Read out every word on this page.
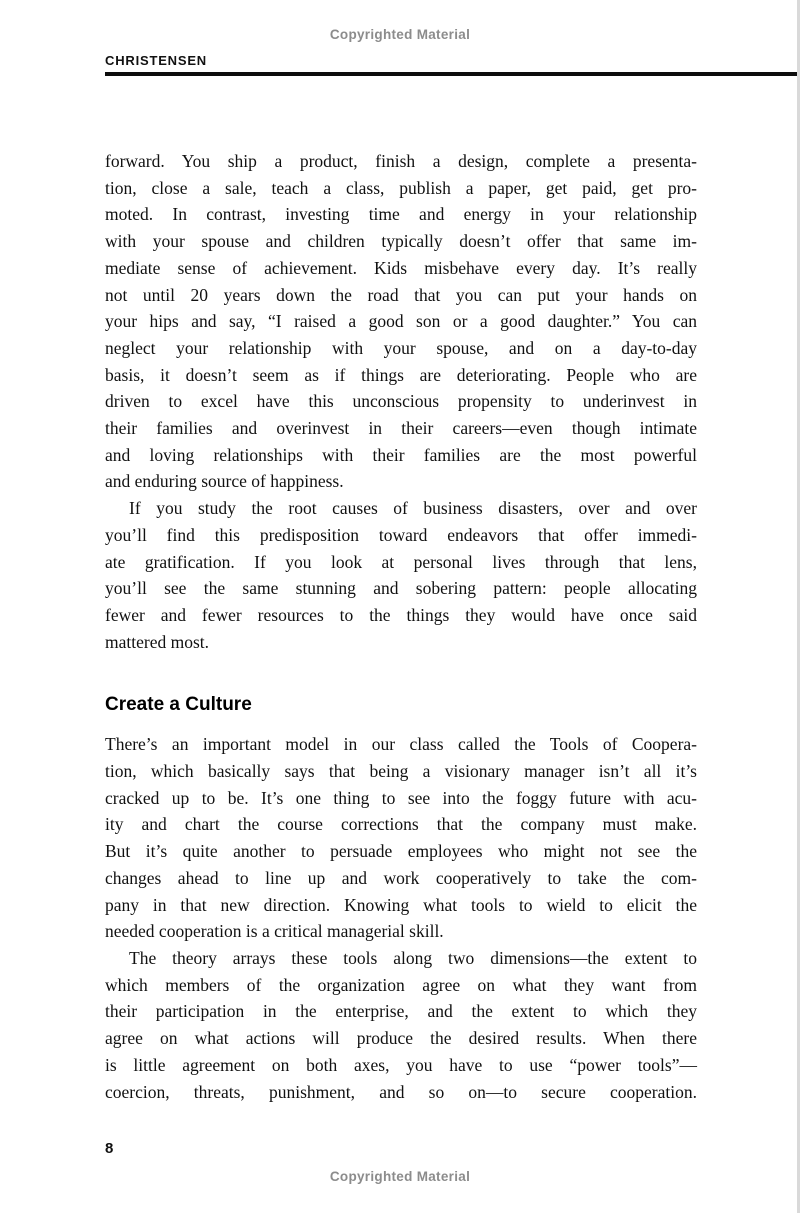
Copyrighted Material
CHRISTENSEN
forward. You ship a product, finish a design, complete a presenta-
tion, close a sale, teach a class, publish a paper, get paid, get pro-
moted. In contrast, investing time and energy in your relationship
with your spouse and children typically doesn’t offer that same im-
mediate sense of achievement. Kids misbehave every day. It’s really
not until 20 years down the road that you can put your hands on
your hips and say, “I raised a good son or a good daughter.” You can
neglect your relationship with your spouse, and on a day-to-day
basis, it doesn’t seem as if things are deteriorating. People who are
driven to excel have this unconscious propensity to underinvest in
their families and overinvest in their careers—even though intimate
and loving relationships with their families are the most powerful
and enduring source of happiness.
If you study the root causes of business disasters, over and over
you’ll find this predisposition toward endeavors that offer immedi-
ate gratification. If you look at personal lives through that lens,
you’ll see the same stunning and sobering pattern: people allocating
fewer and fewer resources to the things they would have once said
mattered most.
Create a Culture
There’s an important model in our class called the Tools of Coopera-
tion, which basically says that being a visionary manager isn’t all it’s
cracked up to be. It’s one thing to see into the foggy future with acu-
ity and chart the course corrections that the company must make.
But it’s quite another to persuade employees who might not see the
changes ahead to line up and work cooperatively to take the com-
pany in that new direction. Knowing what tools to wield to elicit the
needed cooperation is a critical managerial skill.
The theory arrays these tools along two dimensions—the extent to
which members of the organization agree on what they want from
their participation in the enterprise, and the extent to which they
agree on what actions will produce the desired results. When there
is little agreement on both axes, you have to use “power tools”—
coercion, threats, punishment, and so on—to secure cooperation.
8
Copyrighted Material
